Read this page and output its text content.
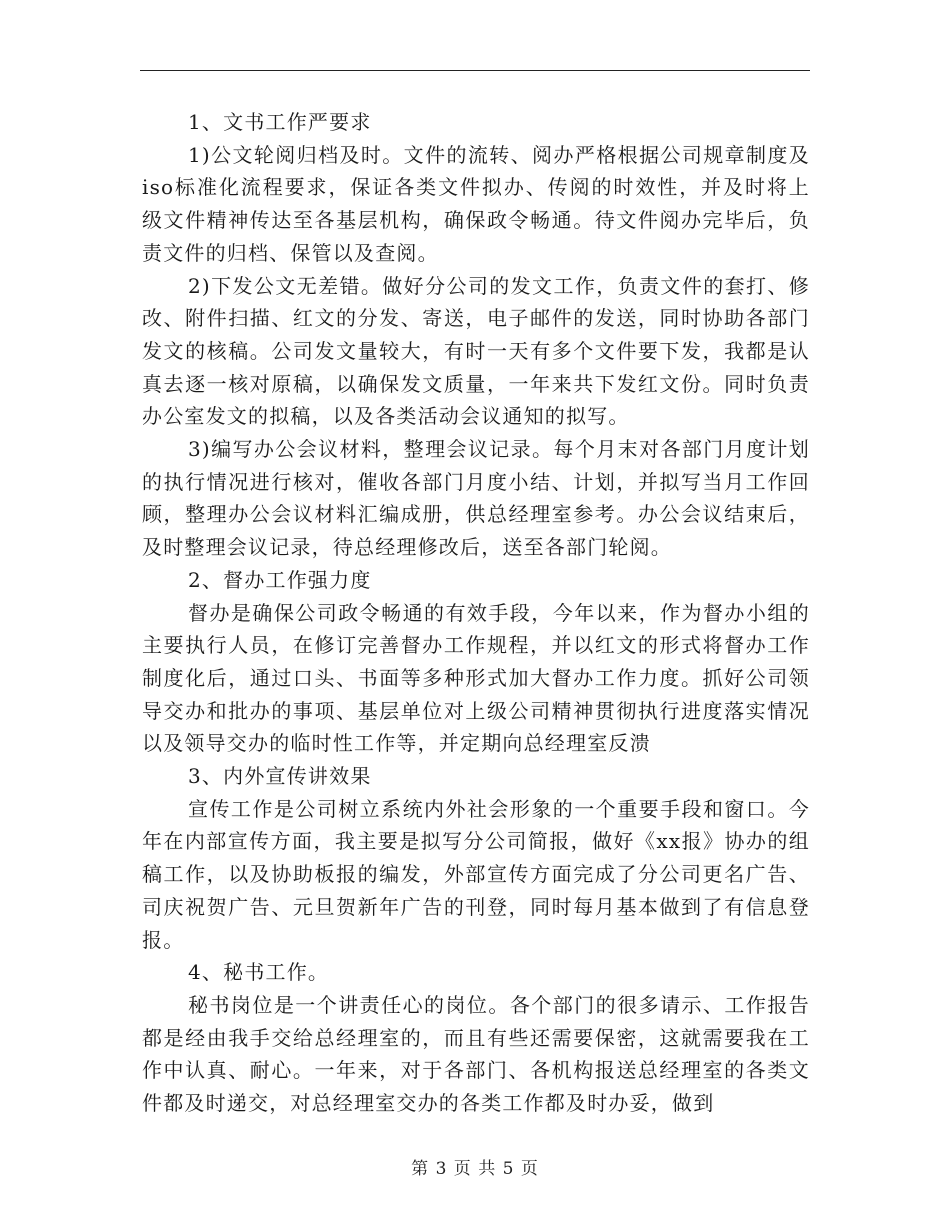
1、文书工作严要求

1)公文轮阅归档及时。文件的流转、阅办严格根据公司规章制度及iso标准化流程要求，保证各类文件拟办、传阅的时效性，并及时将上级文件精神传达至各基层机构，确保政令畅通。待文件阅办完毕后，负责文件的归档、保管以及查阅。

2)下发公文无差错。做好分公司的发文工作，负责文件的套打、修改、附件扫描、红文的分发、寄送，电子邮件的发送，同时协助各部门发文的核稿。公司发文量较大，有时一天有多个文件要下发，我都是认真去逐一核对原稿，以确保发文质量，一年来共下发红文份。同时负责办公室发文的拟稿，以及各类活动会议通知的拟写。

3)编写办公会议材料，整理会议记录。每个月末对各部门月度计划的执行情况进行核对，催收各部门月度小结、计划，并拟写当月工作回顾，整理办公会议材料汇编成册，供总经理室参考。办公会议结束后，及时整理会议记录，待总经理修改后，送至各部门轮阅。

2、督办工作强力度

督办是确保公司政令畅通的有效手段，今年以来，作为督办小组的主要执行人员，在修订完善督办工作规程，并以红文的形式将督办工作制度化后，通过口头、书面等多种形式加大督办工作力度。抓好公司领导交办和批办的事项、基层单位对上级公司精神贯彻执行进度落实情况以及领导交办的临时性工作等，并定期向总经理室反溃

3、内外宣传讲效果

宣传工作是公司树立系统内外社会形象的一个重要手段和窗口。今年在内部宣传方面，我主要是拟写分公司简报，做好《xx报》协办的组稿工作，以及协助板报的编发，外部宣传方面完成了分公司更名广告、司庆祝贺广告、元旦贺新年广告的刊登，同时每月基本做到了有信息登报。

4、秘书工作。

秘书岗位是一个讲责任心的岗位。各个部门的很多请示、工作报告都是经由我手交给总经理室的，而且有些还需要保密，这就需要我在工作中认真、耐心。一年来，对于各部门、各机构报送总经理室的各类文件都及时递交，对总经理室交办的各类工作都及时办妥，做到

第 3 页 共 5 页
